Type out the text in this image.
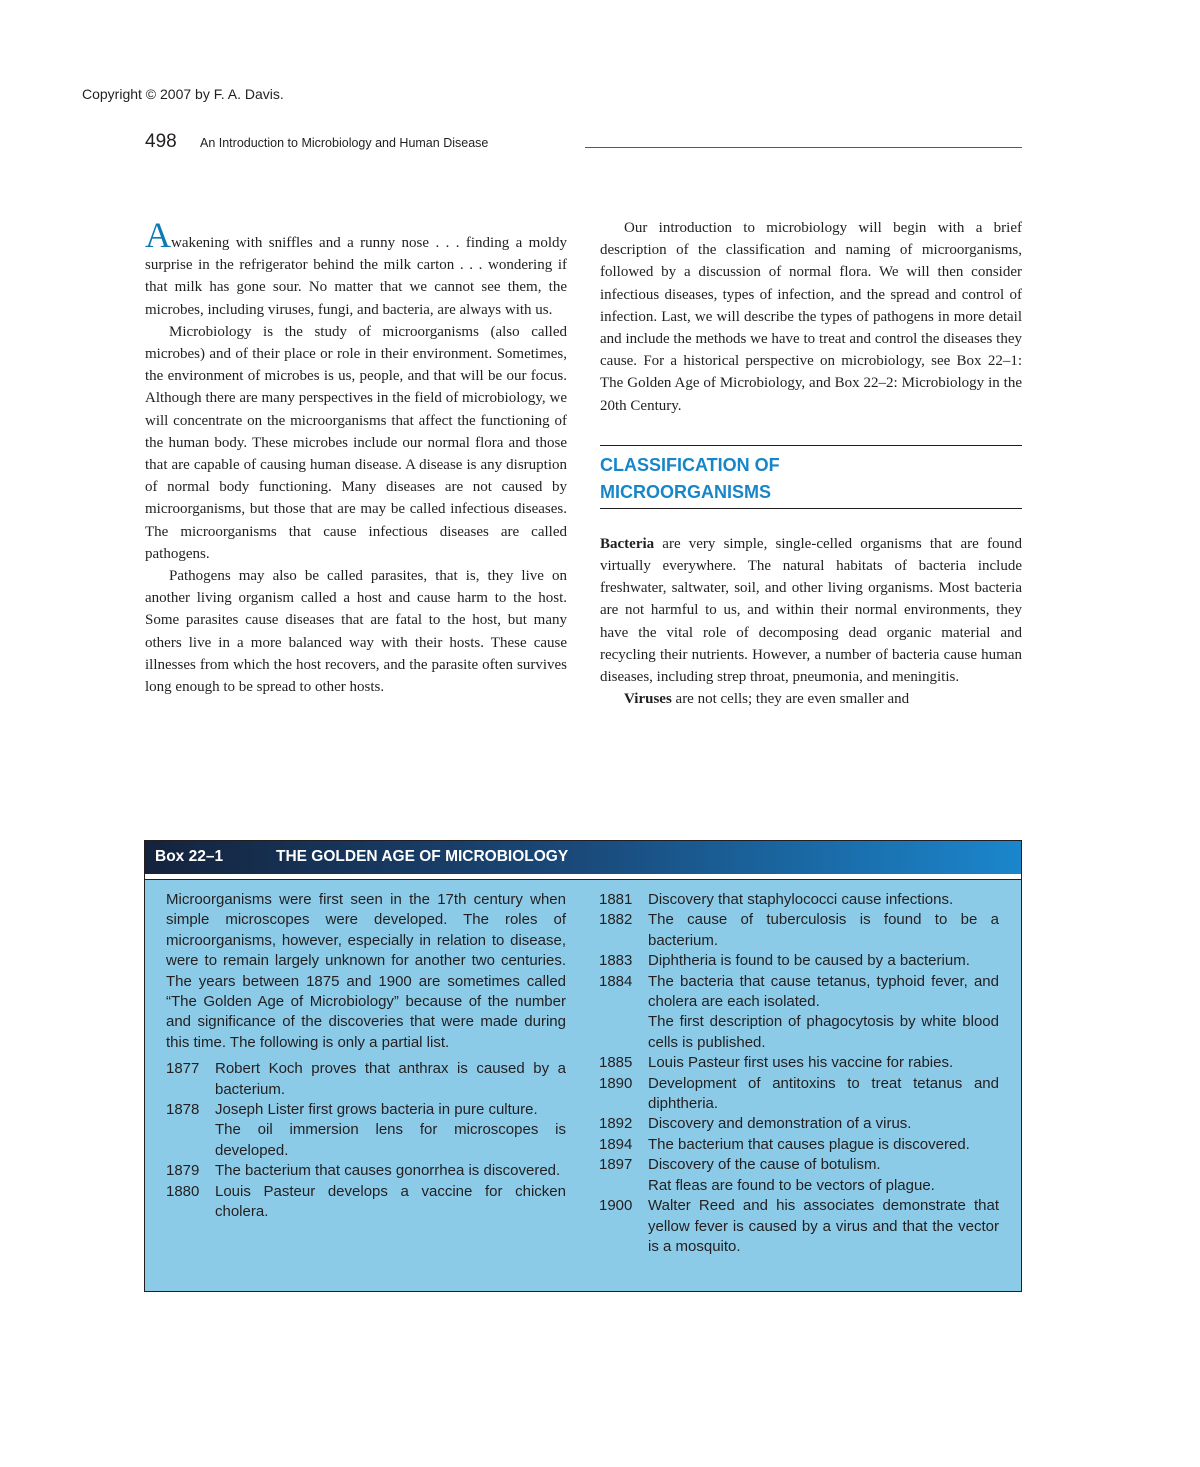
Copyright © 2007 by F. A. Davis.
498 An Introduction to Microbiology and Human Disease

Awakening with sniffles and a runny nose . . . finding a moldy surprise in the refrigerator behind the milk carton . . . wondering if that milk has gone sour. No matter that we cannot see them, the microbes, including viruses, fungi, and bacteria, are always with us.

Microbiology is the study of microorganisms (also called microbes) and of their place or role in their environment. Sometimes, the environment of microbes is us, people, and that will be our focus. Although there are many perspectives in the field of microbiology, we will concentrate on the microorganisms that affect the functioning of the human body. These microbes include our normal flora and those that are capable of causing human disease. A disease is any disruption of normal body functioning. Many diseases are not caused by microorganisms, but those that are may be called infectious diseases. The microorganisms that cause infectious diseases are called pathogens.

Pathogens may also be called parasites, that is, they live on another living organism called a host and cause harm to the host. Some parasites cause diseases that are fatal to the host, but many others live in a more balanced way with their hosts. These cause illnesses from which the host recovers, and the parasite often survives long enough to be spread to other hosts.

Our introduction to microbiology will begin with a brief description of the classification and naming of microorganisms, followed by a discussion of normal flora. We will then consider infectious diseases, types of infection, and the spread and control of infection. Last, we will describe the types of pathogens in more detail and include the methods we have to treat and control the diseases they cause. For a historical perspective on microbiology, see Box 22–1: The Golden Age of Microbiology, and Box 22–2: Microbiology in the 20th Century.

CLASSIFICATION OF
MICROORGANISMS

Bacteria are very simple, single-celled organisms that are found virtually everywhere. The natural habitats of bacteria include freshwater, saltwater, soil, and other living organisms. Most bacteria are not harmful to us, and within their normal environments, they have the vital role of decomposing dead organic material and recycling their nutrients. However, a number of bacteria cause human diseases, including strep throat, pneumonia, and meningitis.

Viruses are not cells; they are even smaller and

Box 22–1	THE GOLDEN AGE OF MICROBIOLOGY

Microorganisms were first seen in the 17th century when simple microscopes were developed. The roles of microorganisms, however, especially in relation to disease, were to remain largely unknown for another two centuries. The years between 1875 and 1900 are sometimes called “The Golden Age of Microbiology” because of the number and significance of the discoveries that were made during this time. The following is only a partial list.

1877	Robert Koch proves that anthrax is caused by a bacterium.
1878	Joseph Lister first grows bacteria in pure culture.
The oil immersion lens for microscopes is developed.
1879	The bacterium that causes gonorrhea is discovered.
1880	Louis Pasteur develops a vaccine for chicken cholera.
1881	Discovery that staphylococci cause infections.
1882	The cause of tuberculosis is found to be a bacterium.
1883	Diphtheria is found to be caused by a bacterium.
1884	The bacteria that cause tetanus, typhoid fever, and cholera are each isolated.
The first description of phagocytosis by white blood cells is published.
1885	Louis Pasteur first uses his vaccine for rabies.
1890	Development of antitoxins to treat tetanus and diphtheria.
1892	Discovery and demonstration of a virus.
1894	The bacterium that causes plague is discovered.
1897	Discovery of the cause of botulism.
Rat fleas are found to be vectors of plague.
1900	Walter Reed and his associates demonstrate that yellow fever is caused by a virus and that the vector is a mosquito.
